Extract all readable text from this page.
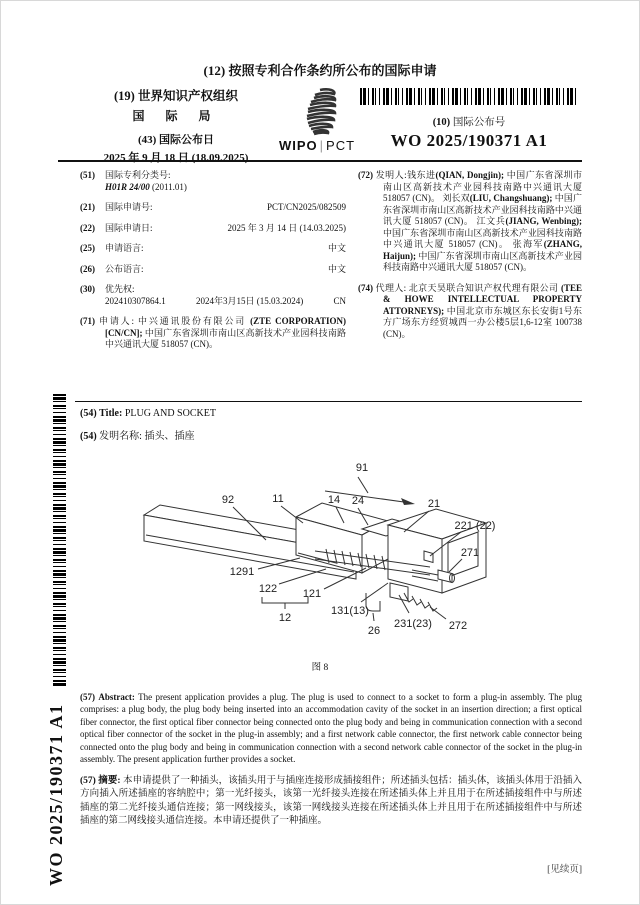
(12) 按照专利合作条约所公布的国际申请
(19) 世界知识产权组织
国 际 局
(43) 国际公布日
2025 年 9 月 18 日 (18.09.2025)
WIPO | PCT
(10) 国际公布号
WO 2025/190371 A1
(51)	国际专利分类号:
H01R 24/00 (2011.01)
(21)	国际申请号:	PCT/CN2025/082509
(22)	国际申请日:	2025 年 3 月 14 日 (14.03.2025)
(25)	申请语言:	中文
(26)	公布语言:	中文
(30)	优先权:
202410307864.1	2024年3月15日 (15.03.2024)	CN

(71) 申请人: 中兴通讯股份有限公司 (ZTE CORPORATION) [CN/CN]; 中国广东省深圳市南山区高新技术产业园科技南路中兴通讯大厦 518057 (CN)。

(72) 发明人:钱东进(QIAN, Dongjin); 中国广东省深圳市南山区高新技术产业园科技南路中兴通讯大厦 518057 (CN)。 刘长双(LIU, Changshuang); 中国广东省深圳市南山区高新技术产业园科技南路中兴通讯大厦 518057 (CN)。 江文兵(JIANG, Wenbing); 中国广东省深圳市南山区高新技术产业园科技南路中兴通讯大厦 518057 (CN)。 张海军(ZHANG, Haijun); 中国广东省深圳市南山区高新技术产业园科技南路中兴通讯大厦 518057 (CN)。

(74) 代理人: 北京天昊联合知识产权代理有限公司 (TEE & HOWE INTELLECTUAL PROPERTY ATTORNEYS); 中国北京市东城区东长安街1号东方广场东方经贸城西一办公楼5层1,6-12室 100738 (CN)。

WO 2025/190371 A1
(54) Title: PLUG AND SOCKET
(54) 发明名称: 插头、插座
91
92	11	14 24	21
221 (22)
271
1291
122 121
12
131(13)
26
231(23) 272
图 8

(57) Abstract: The present application provides a plug. The plug is used to connect to a socket to form a plug-in assembly. The plug comprises: a plug body, the plug body being inserted into an accommodation cavity of the socket in an insertion direction; a first optical fiber connector, the first optical fiber connector being connected onto the plug body and being in communication connection with a second optical fiber connector of the socket in the plug-in assembly; and a first network cable connector, the first network cable connector being connected onto the plug body and being in communication connection with a second network cable connector of the socket in the plug-in assembly. The present application further provides a socket.

(57) 摘要: 本申请提供了一种插头，该插头用于与插座连接形成插接组件；所述插头包括：插头体，该插头体用于沿插入方向插入所述插座的容纳腔中；第一光纤接头，该第一光纤接头连接在所述插头体上并且用于在所述插接组件中与所述插座的第二光纤接头通信连接；第一网线接头，该第一网线接头连接在所述插头体上并且用于在所述插接组件中与所述插座的第二网线接头通信连接。本申请还提供了一种插座。

[见续页]
